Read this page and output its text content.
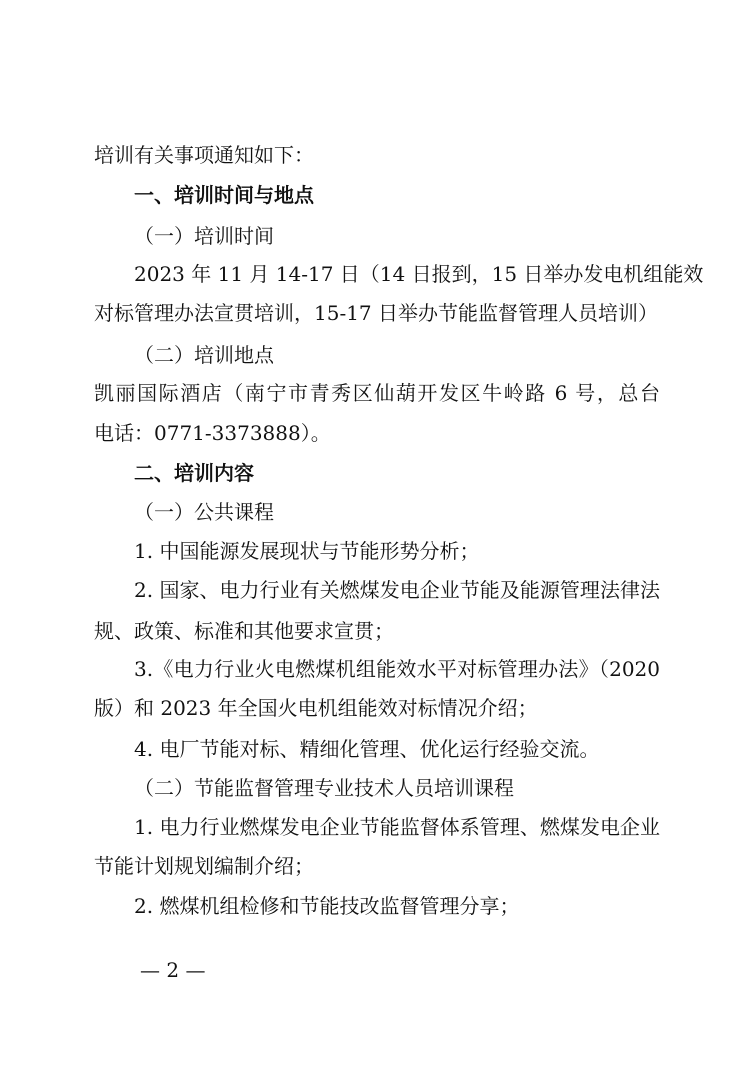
培训有关事项通知如下：
一、培训时间与地点
（一）培训时间
2023 年 11 月 14-17 日（14 日报到，15 日举办发电机组能效
对标管理办法宣贯培训，15-17 日举办节能监督管理人员培训）
（二）培训地点
凯丽国际酒店（南宁市青秀区仙葫开发区牛岭路 6 号，总台
电话：0771-3373888）。
二、培训内容
（一）公共课程
1. 中国能源发展现状与节能形势分析；
2. 国家、电力行业有关燃煤发电企业节能及能源管理法律法
规、政策、标准和其他要求宣贯；
3.《电力行业火电燃煤机组能效水平对标管理办法》（2020
版）和 2023 年全国火电机组能效对标情况介绍；
4. 电厂节能对标、精细化管理、优化运行经验交流。
（二）节能监督管理专业技术人员培训课程
1. 电力行业燃煤发电企业节能监督体系管理、燃煤发电企业
节能计划规划编制介绍；
2. 燃煤机组检修和节能技改监督管理分享；
— 2 —
